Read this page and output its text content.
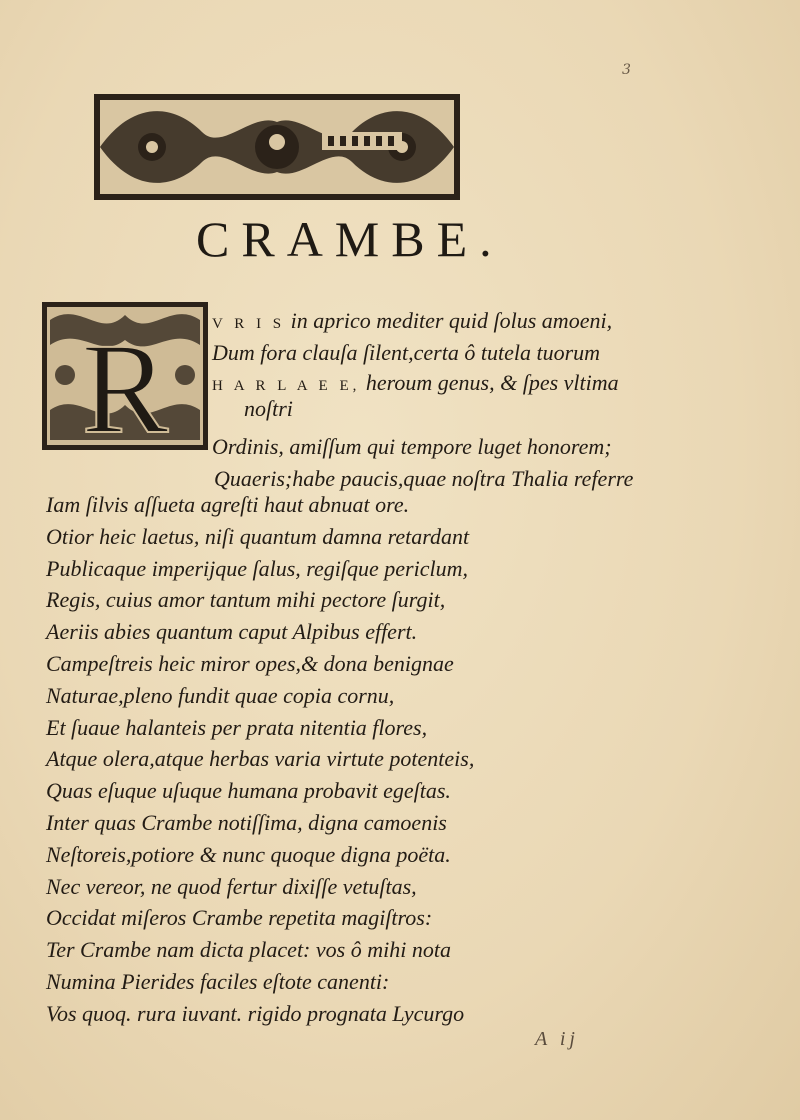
3
CRAMBE.
R	V R I S in aprico mediter quid ſolus amoeni,
Dum fora clauſa ſilent,certa ô tutela tuorum
H A R L A E E, heroum genus, & ſpes vltima
noſtri
Ordinis, amiſſum qui tempore luget honorem;
Quaeris;habe paucis,quae noſtra Thalia referre
Iam ſilvis aſſueta agreſti haut abnuat ore.
Otior heic laetus, niſi quantum damna retardant
Publicaque imperijque ſalus, regiſque periclum,
Regis, cuius amor tantum mihi pectore ſurgit,
Aeriis abies quantum caput Alpibus effert.
Campeſtreis heic miror opes,& dona benignae
Naturae,pleno fundit quae copia cornu,
Et ſuaue halanteis per prata nitentia flores,
Atque olera,atque herbas varia virtute potenteis,
Quas eſuque uſuque humana probavit egeſtas.
Inter quas Crambe notiſſima, digna camoenis
Neſtoreis,potiore & nunc quoque digna poëta.
Nec vereor, ne quod fertur dixiſſe vetuſtas,
Occidat miſeros Crambe repetita magiſtros:
Ter Crambe nam dicta placet: vos ô mihi nota
Numina Pierides faciles eſtote canenti:
Vos quoq. rura iuvant. rigido prognata Lycurgo
A ij
